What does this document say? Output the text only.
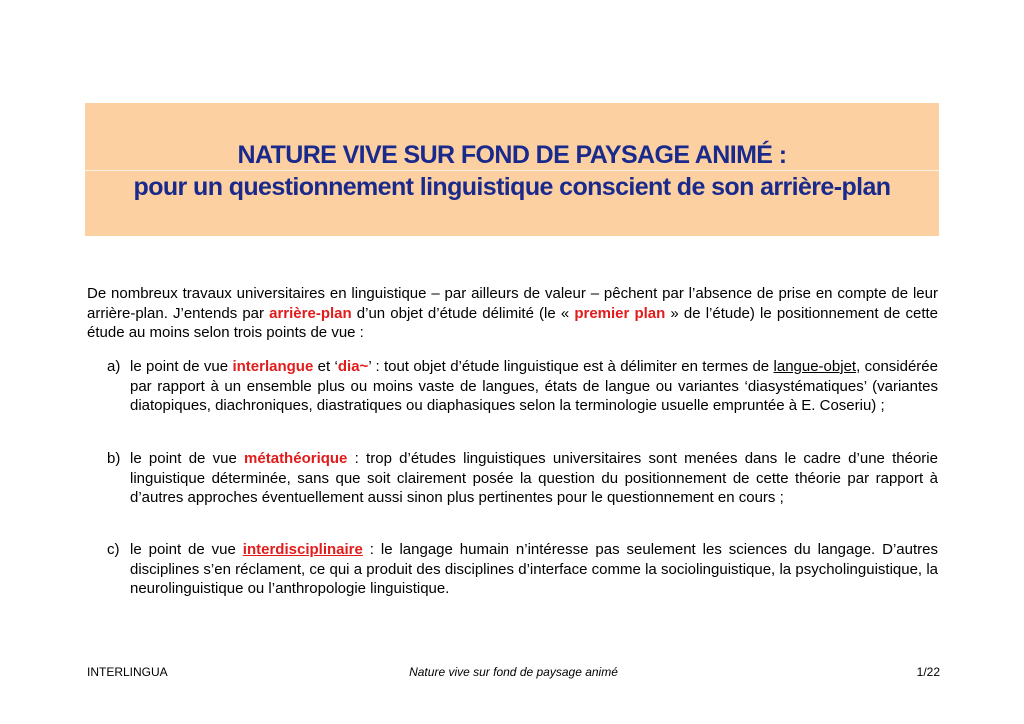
NATURE VIVE SUR FOND DE PAYSAGE ANIMÉ :
pour un questionnement linguistique conscient de son arrière-plan
De nombreux travaux universitaires en linguistique – par ailleurs de valeur – pêchent par l’absence de prise en compte de leur arrière-plan. J’entends par arrière-plan d’un objet d’étude délimité (le « premier plan » de l’étude) le positionnement de cette étude au moins selon trois points de vue :
a) le point de vue interlangue et ‘dia~’ : tout objet d’étude linguistique est à délimiter en termes de langue-objet, considérée par rapport à un ensemble plus ou moins vaste de langues, états de langue ou variantes ‘diasystématiques’ (variantes diatopiques, diachroniques, diastratiques ou diaphasiques selon la terminologie usuelle empruntée à E. Coseriu) ;
b) le point de vue métathéorique : trop d’études linguistiques universitaires sont menées dans le cadre d’une théorie linguistique déterminée, sans que soit clairement posée la question du positionnement de cette théorie par rapport à d’autres approches éventuellement aussi sinon plus pertinentes pour le questionnement en cours ;
c) le point de vue interdisciplinaire : le langage humain n’intéresse pas seulement les sciences du langage. D’autres disciplines s’en réclament, ce qui a produit des disciplines d’interface comme la sociolinguistique, la psycholinguistique, la neurolinguistique ou l’anthropologie linguistique.
INTERLINGUA	Nature vive sur fond de paysage animé	1/22
